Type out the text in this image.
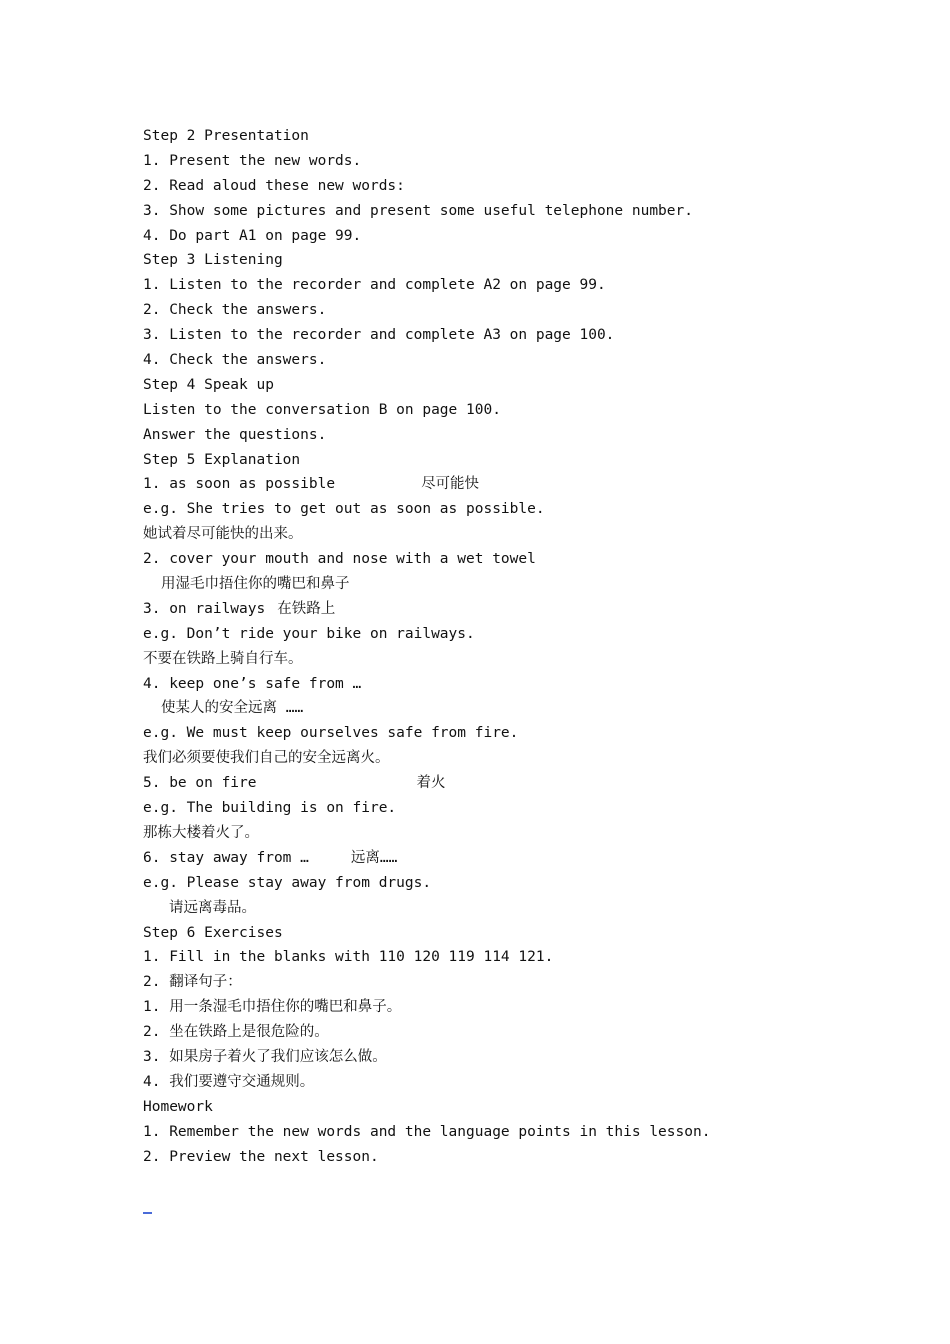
Step 2 Presentation
1. Present the new words.
2. Read aloud these new words:
3. Show some pictures and present some useful telephone number.
4. Do part A1 on page 99.
Step 3 Listening
1. Listen to the recorder and complete A2 on page 99.
2. Check the answers.
3. Listen to the recorder and complete A3 on page 100.
4. Check the answers.
Step 4 Speak up
Listen to the conversation B on page 100.
Answer the questions.
Step 5 Explanation
1. as soon as possible	尽可能快
e.g. She tries to get out as soon as possible.
她试着尽可能快的出来。
2. cover your mouth and nose with a wet towel
用湿毛巾捂住你的嘴巴和鼻子
3. on railways 在铁路上
e.g. Don’t ride your bike on railways.
不要在铁路上骑自行车。
4. keep one’s safe from …
使某人的安全远离 ……
e.g. We must keep ourselves safe from fire.
我们必须要使我们自己的安全远离火。
5. be on fire	着火
e.g. The building is on fire.
那栋大楼着火了。
6. stay away from …	远离……
e.g. Please stay away from drugs.
请远离毒品。
Step 6 Exercises
1. Fill in the blanks with 110 120 119 114 121.
2. 翻译句子：
1. 用一条湿毛巾捂住你的嘴巴和鼻子。
2. 坐在铁路上是很危险的。
3. 如果房子着火了我们应该怎么做。
4. 我们要遵守交通规则。
Homework
1. Remember the new words and the language points in this lesson.
2. Preview the next lesson.
